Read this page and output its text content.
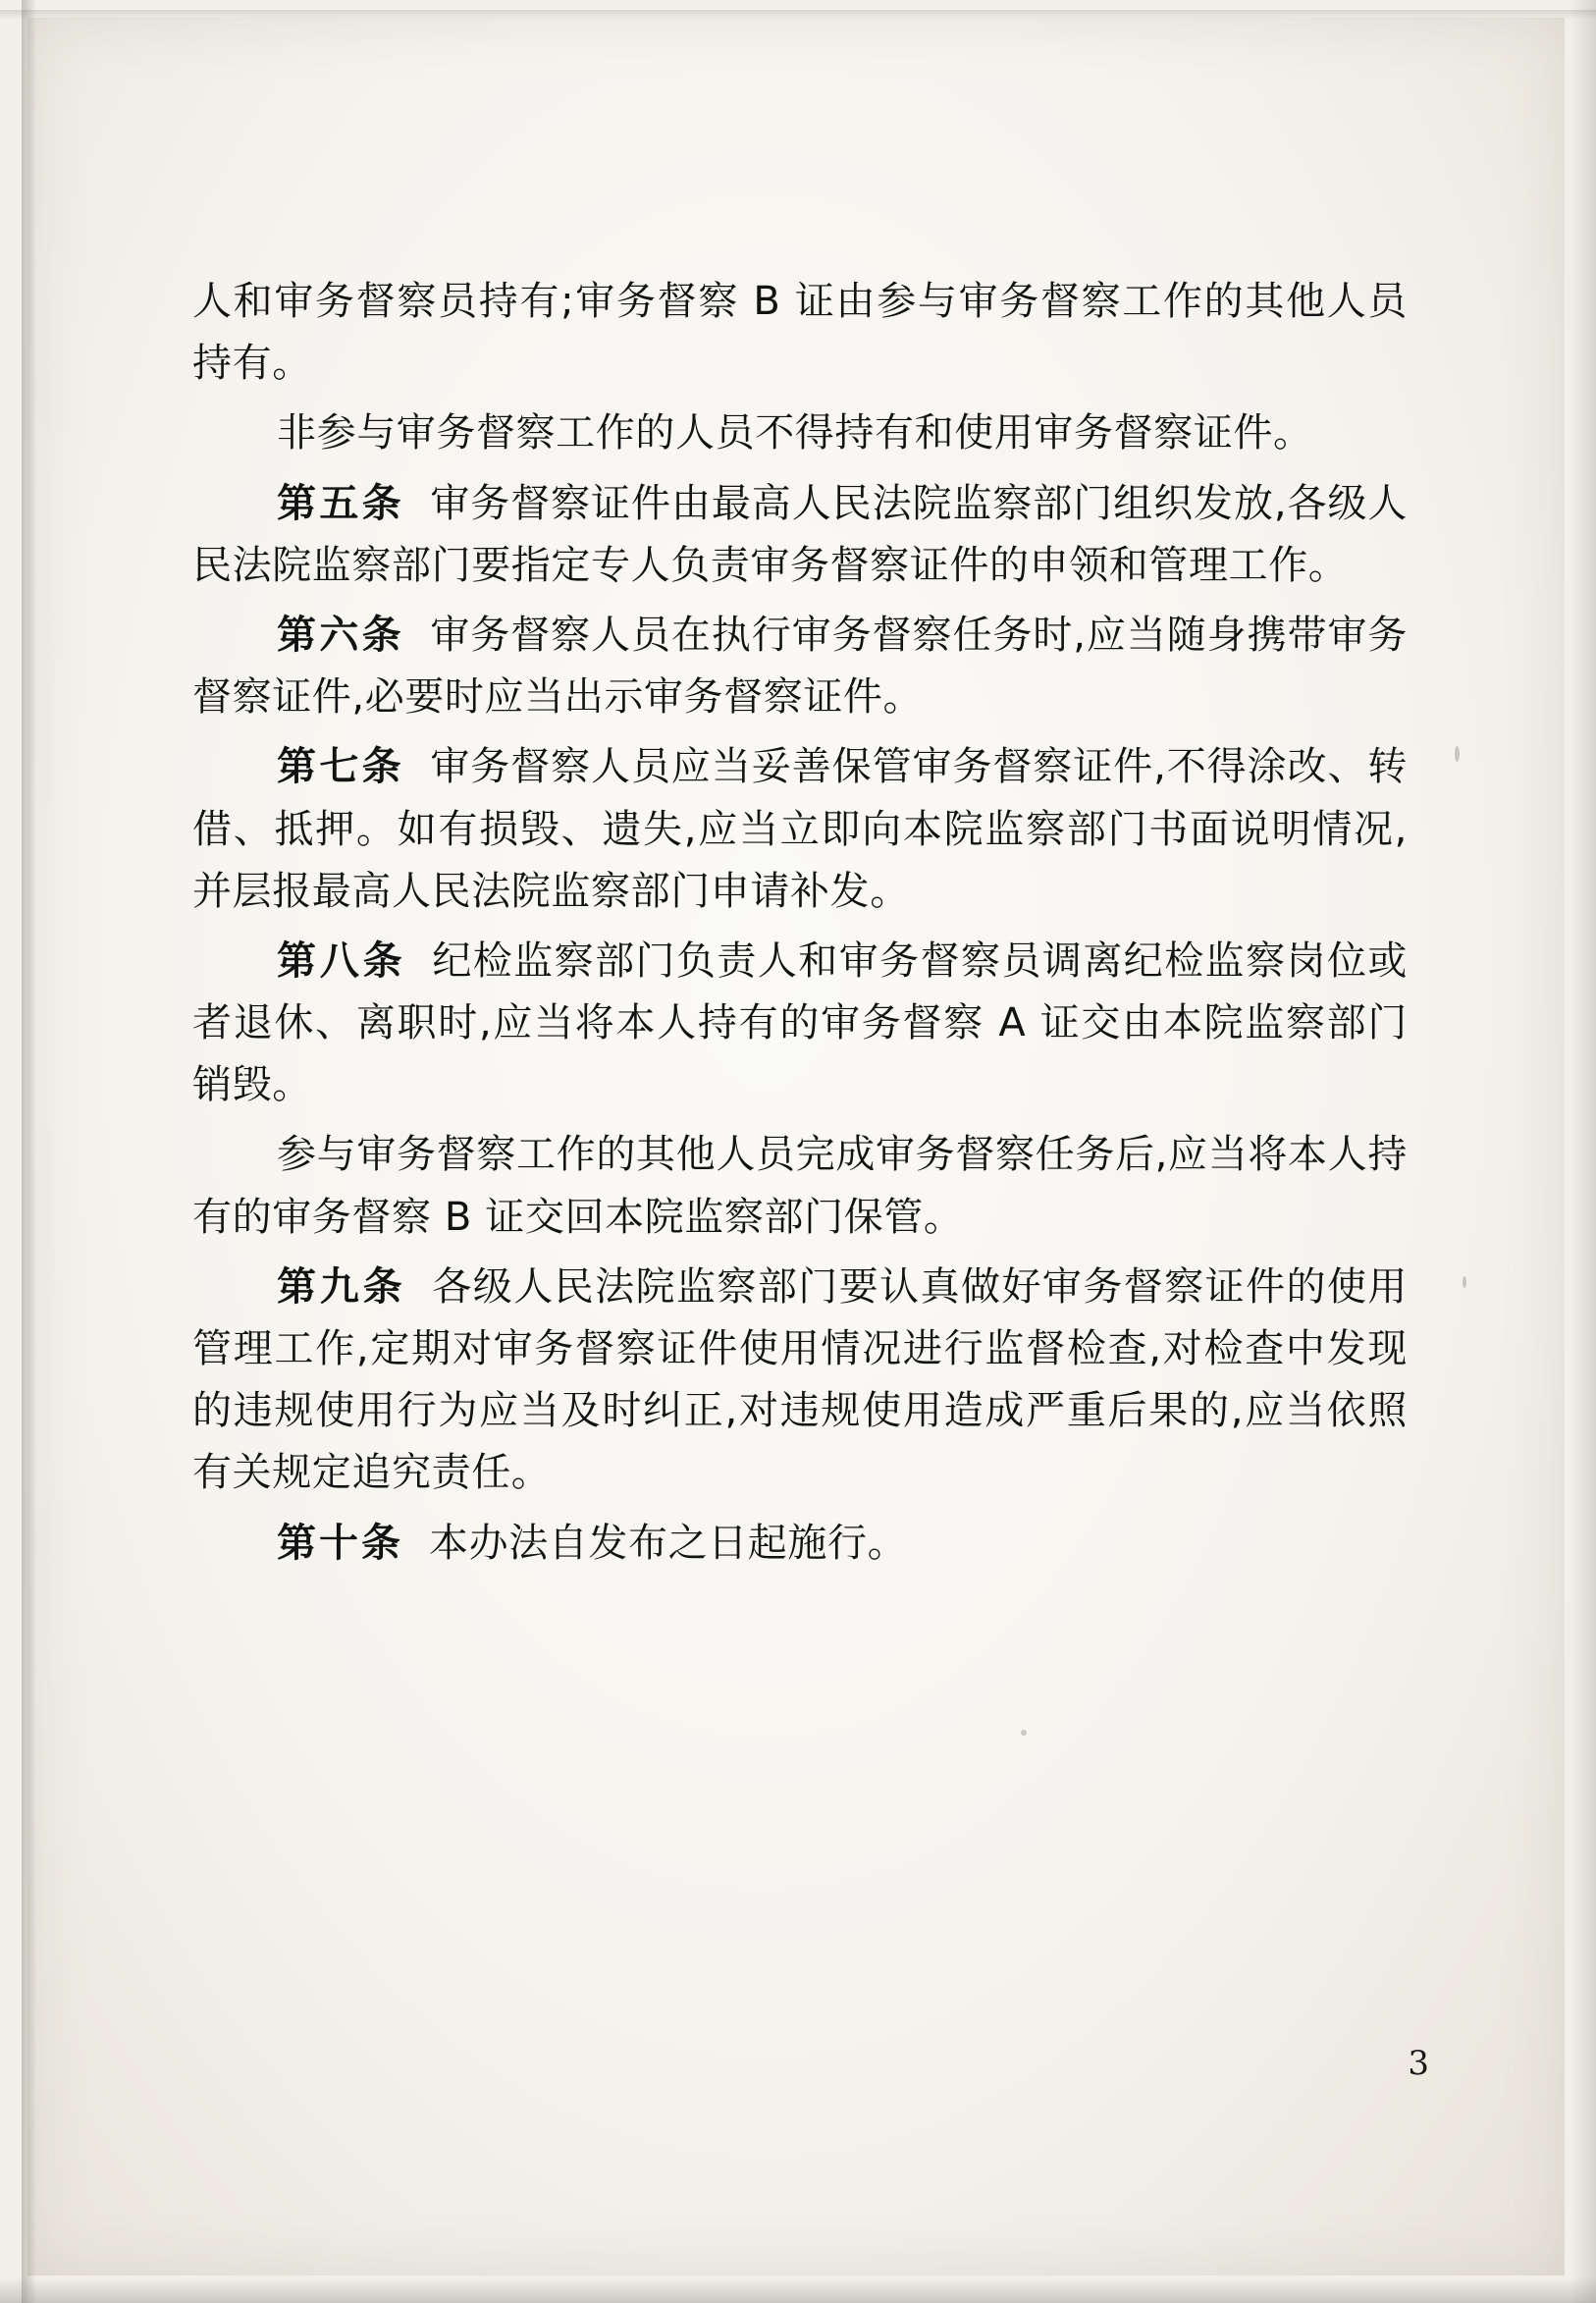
人和审务督察员持有;审务督察 B 证由参与审务督察工作的其他人员持有。

非参与审务督察工作的人员不得持有和使用审务督察证件。

第五条 审务督察证件由最高人民法院监察部门组织发放,各级人民法院监察部门要指定专人负责审务督察证件的申领和管理工作。

第六条 审务督察人员在执行审务督察任务时,应当随身携带审务督察证件,必要时应当出示审务督察证件。

第七条 审务督察人员应当妥善保管审务督察证件,不得涂改、转借、抵押。如有损毁、遗失,应当立即向本院监察部门书面说明情况,并层报最高人民法院监察部门申请补发。

第八条 纪检监察部门负责人和审务督察员调离纪检监察岗位或者退休、离职时,应当将本人持有的审务督察 A 证交由本院监察部门销毁。

参与审务督察工作的其他人员完成审务督察任务后,应当将本人持有的审务督察 B 证交回本院监察部门保管。

第九条 各级人民法院监察部门要认真做好审务督察证件的使用管理工作,定期对审务督察证件使用情况进行监督检查,对检查中发现的违规使用行为应当及时纠正,对违规使用造成严重后果的,应当依照有关规定追究责任。

第十条 本办法自发布之日起施行。

3
